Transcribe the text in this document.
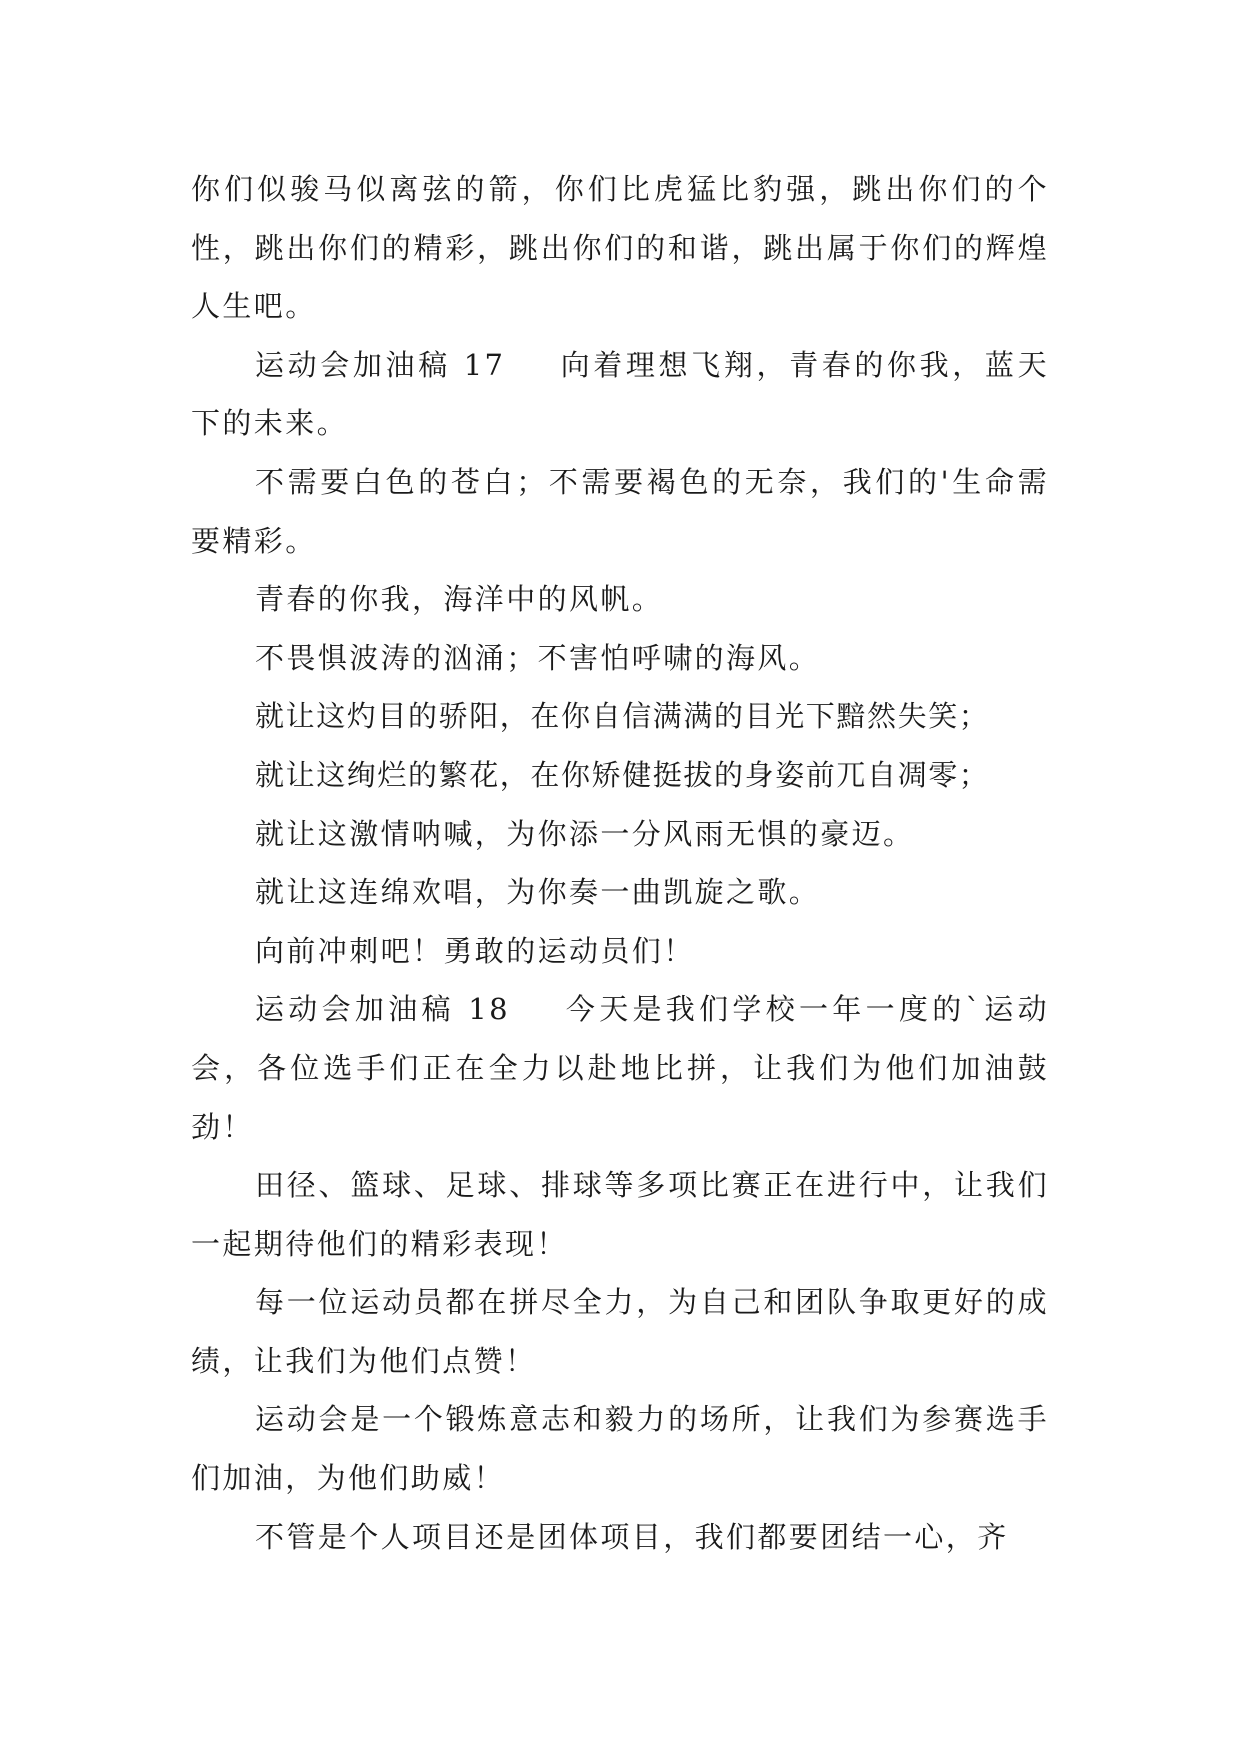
你们似骏马似离弦的箭，你们比虎猛比豹强，跳出你们的个性，跳出你们的精彩，跳出你们的和谐，跳出属于你们的辉煌人生吧。

运动会加油稿 17 向着理想飞翔，青春的你我，蓝天下的未来。

不需要白色的苍白；不需要褐色的无奈，我们的'生命需要精彩。

青春的你我，海洋中的风帆。

不畏惧波涛的汹涌；不害怕呼啸的海风。

就让这灼目的骄阳，在你自信满满的目光下黯然失笑；

就让这绚烂的繁花，在你矫健挺拔的身姿前兀自凋零；

就让这激情呐喊，为你添一分风雨无惧的豪迈。

就让这连绵欢唱，为你奏一曲凯旋之歌。

向前冲刺吧！勇敢的运动员们！

运动会加油稿 18 今天是我们学校一年一度的`运动会，各位选手们正在全力以赴地比拼，让我们为他们加油鼓劲！

田径、篮球、足球、排球等多项比赛正在进行中，让我们一起期待他们的精彩表现！

每一位运动员都在拼尽全力，为自己和团队争取更好的成绩，让我们为他们点赞！

运动会是一个锻炼意志和毅力的场所，让我们为参赛选手们加油，为他们助威！

不管是个人项目还是团体项目，我们都要团结一心，齐
